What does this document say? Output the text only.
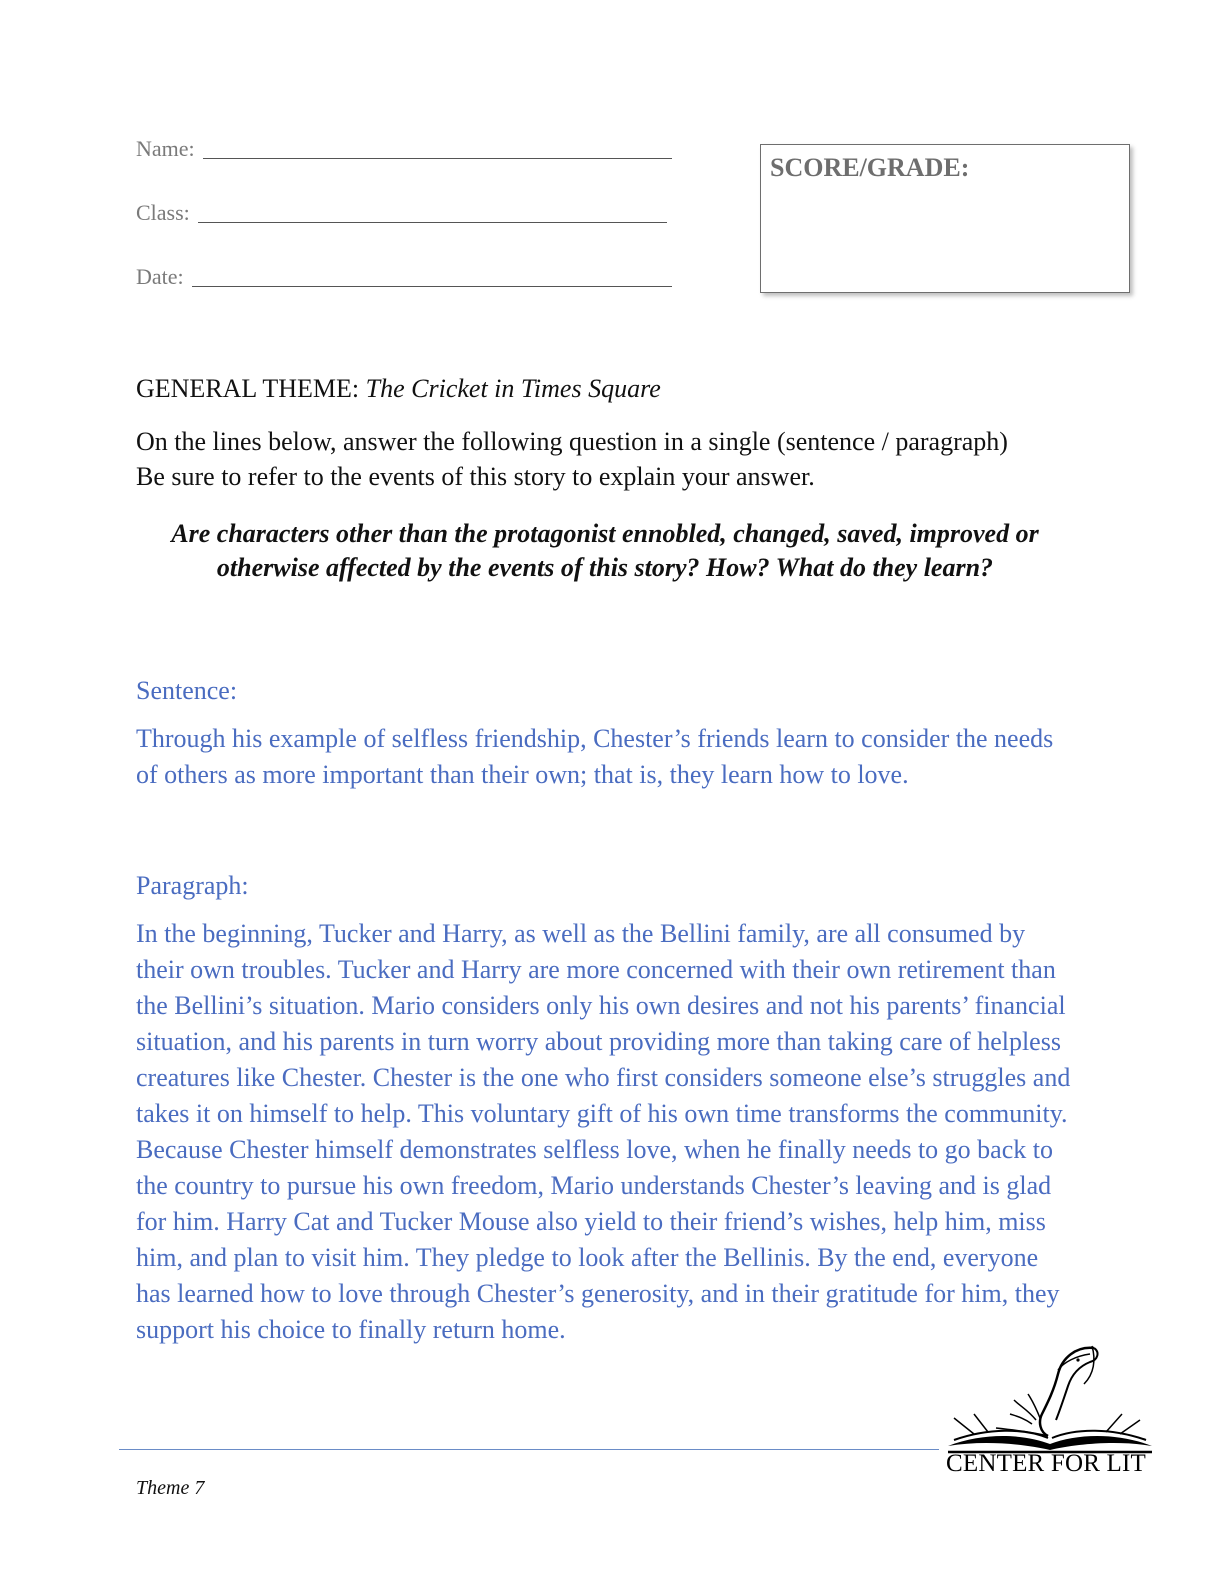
Name:
Class:
Date:
SCORE/GRADE:
GENERAL THEME: The Cricket in Times Square
On the lines below, answer the following question in a single (sentence / paragraph) Be sure to refer to the events of this story to explain your answer.
Are characters other than the protagonist ennobled, changed, saved, improved or otherwise affected by the events of this story? How? What do they learn?
Sentence:
Through his example of selfless friendship, Chester’s friends learn to consider the needs of others as more important than their own; that is, they learn how to love.
Paragraph:
In the beginning, Tucker and Harry, as well as the Bellini family, are all consumed by their own troubles. Tucker and Harry are more concerned with their own retirement than the Bellini’s situation. Mario considers only his own desires and not his parents’ financial situation, and his parents in turn worry about providing more than taking care of helpless creatures like Chester. Chester is the one who first considers someone else’s struggles and takes it on himself to help. This voluntary gift of his own time transforms the community. Because Chester himself demonstrates selfless love, when he finally needs to go back to the country to pursue his own freedom, Mario understands Chester’s leaving and is glad for him. Harry Cat and Tucker Mouse also yield to their friend’s wishes, help him, miss him, and plan to visit him. They pledge to look after the Bellinis. By the end, everyone has learned how to love through Chester’s generosity, and in their gratitude for him, they support his choice to finally return home.
Theme 7
CENTER FOR LIT
